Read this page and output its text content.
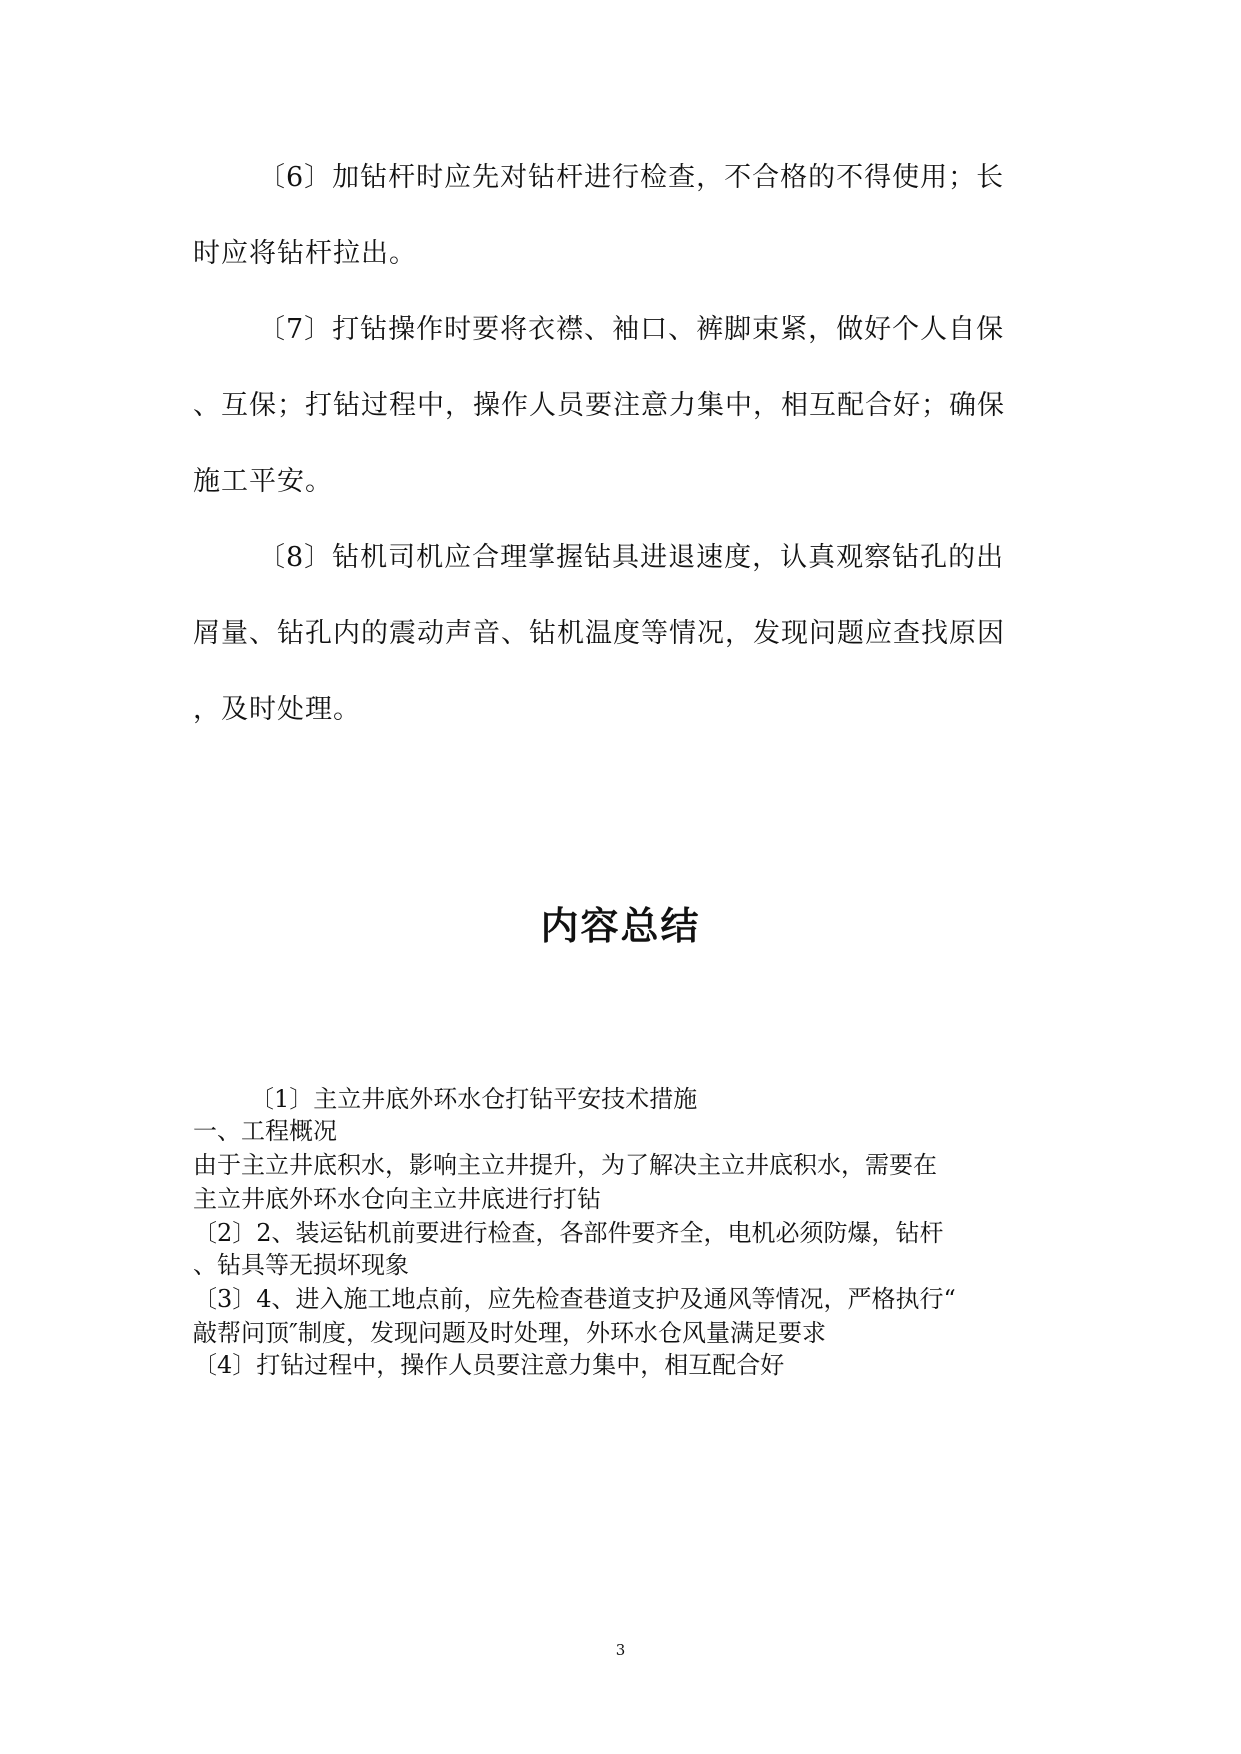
〔6〕加钻杆时应先对钻杆进行检查，不合格的不得使用；长
时应将钻杆拉出。
〔7〕打钻操作时要将衣襟、袖口、裤脚束紧，做好个人自保
、互保；打钻过程中，操作人员要注意力集中，相互配合好；确保
施工平安。
〔8〕钻机司机应合理掌握钻具进退速度，认真观察钻孔的出
屑量、钻孔内的震动声音、钻机温度等情况，发现问题应查找原因
，及时处理。
内容总结
〔1〕主立井底外环水仓打钻平安技术措施
一、工程概况
由于主立井底积水，影响主立井提升，为了解决主立井底积水，需要在
主立井底外环水仓向主立井底进行打钻
〔2〕2、装运钻机前要进行检查，各部件要齐全，电机必须防爆，钻杆
、钻具等无损坏现象
〔3〕4、进入施工地点前，应先检查巷道支护及通风等情况，严格执行“
敲帮问顶″制度，发现问题及时处理，外环水仓风量满足要求
〔4〕打钻过程中，操作人员要注意力集中，相互配合好
3
